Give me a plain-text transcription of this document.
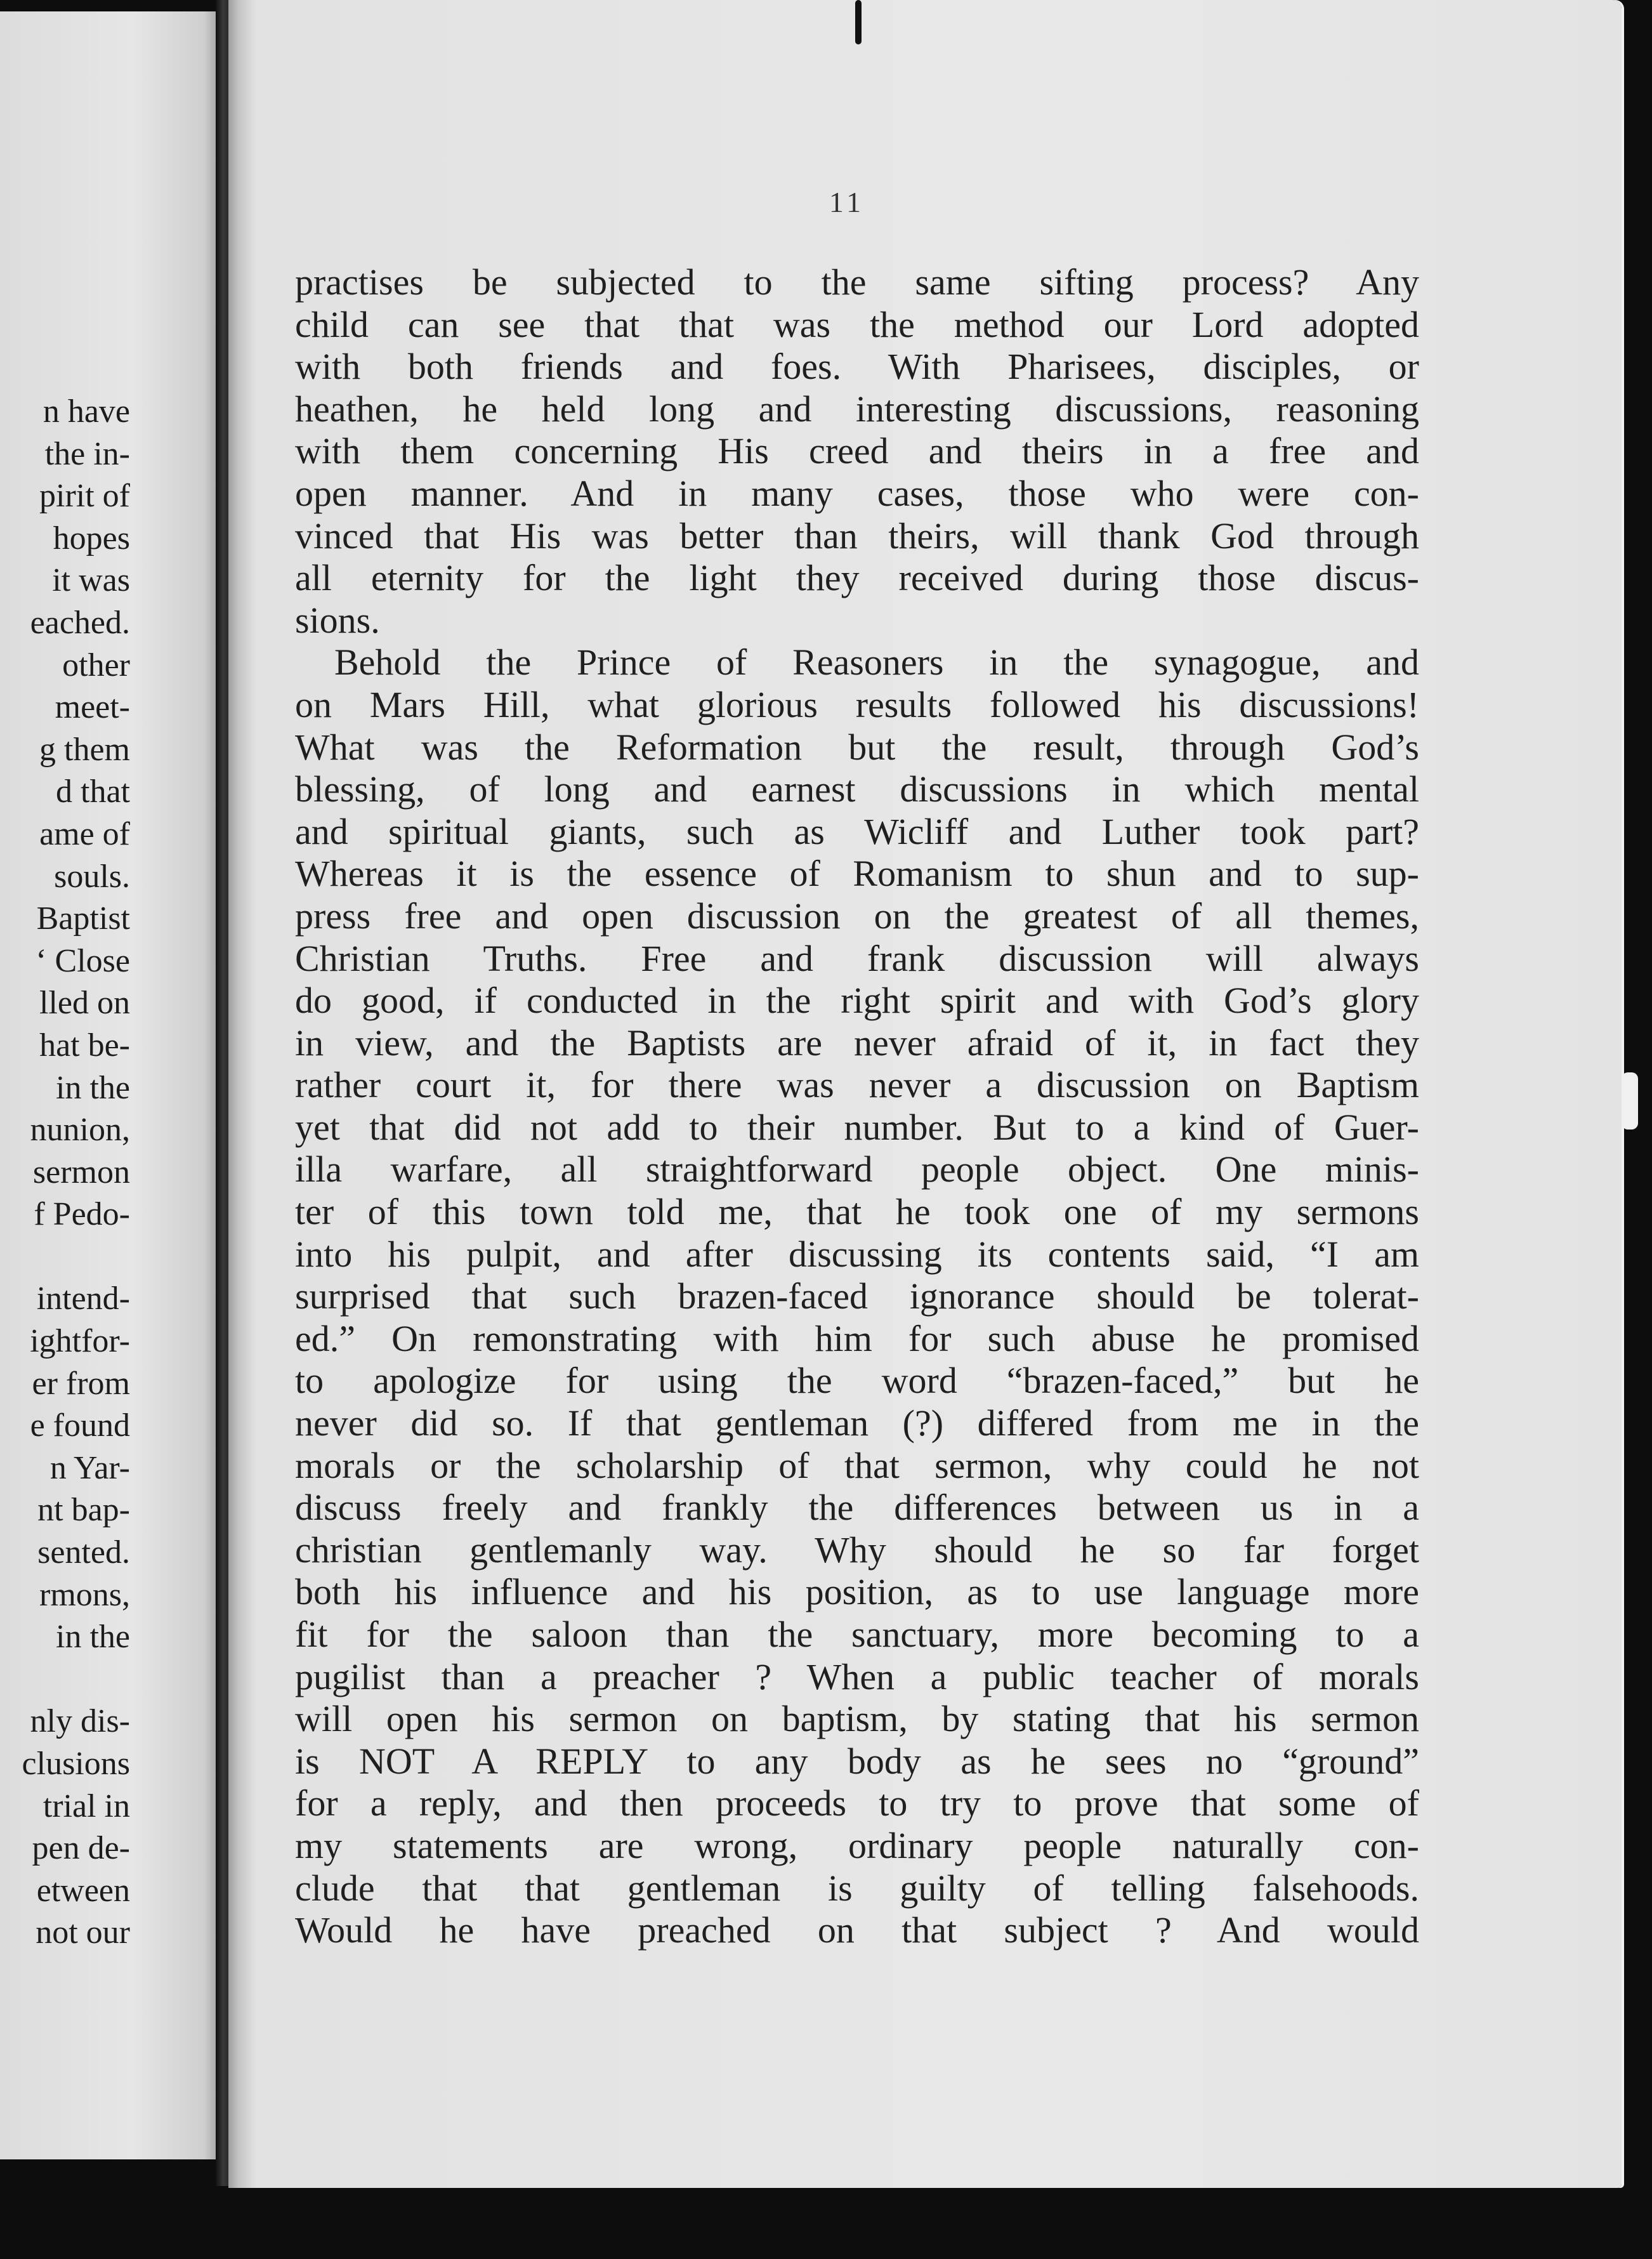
n have
the in-
pirit of
hopes
it was
eached.
other
meet-
g them
d that
ame of
souls.
Baptist
‘ Close
lled on
hat be-
in the
nunion,
sermon
f Pedo-

intend-
ightfor-
er from
e found
n Yar-
nt bap-
sented.
rmons,
in the

nly dis-
clusions
trial in
pen de-
etween
not our
11
practises be subjected to the same sifting process? Any
child can see that that was the method our Lord adopted
with both friends and foes. With Pharisees, disciples, or
heathen, he held long and interesting discussions, reasoning
with them concerning His creed and theirs in a free and
open manner. And in many cases, those who were con-
vinced that His was better than theirs, will thank God through
all eternity for the light they received during those discus-
sions.
Behold the Prince of Reasoners in the synagogue, and
on Mars Hill, what glorious results followed his discussions!
What was the Reformation but the result, through God’s
blessing, of long and earnest discussions in which mental
and spiritual giants, such as Wicliff and Luther took part?
Whereas it is the essence of Romanism to shun and to sup-
press free and open discussion on the greatest of all themes,
Christian Truths. Free and frank discussion will always
do good, if conducted in the right spirit and with God’s glory
in view, and the Baptists are never afraid of it, in fact they
rather court it, for there was never a discussion on Baptism
yet that did not add to their number. But to a kind of Guer-
illa warfare, all straightforward people object. One minis-
ter of this town told me, that he took one of my sermons
into his pulpit, and after discussing its contents said, “I am
surprised that such brazen-faced ignorance should be tolerat-
ed.” On remonstrating with him for such abuse he promised
to apologize for using the word “brazen-faced,” but he
never did so. If that gentleman (?) differed from me in the
morals or the scholarship of that sermon, why could he not
discuss freely and frankly the differences between us in a
christian gentlemanly way. Why should he so far forget
both his influence and his position, as to use language more
fit for the saloon than the sanctuary, more becoming to a
pugilist than a preacher ? When a public teacher of morals
will open his sermon on baptism, by stating that his sermon
is NOT A REPLY to any body as he sees no “ground”
for a reply, and then proceeds to try to prove that some of
my statements are wrong, ordinary people naturally con-
clude that that gentleman is guilty of telling falsehoods.
Would he have preached on that subject ? And would
